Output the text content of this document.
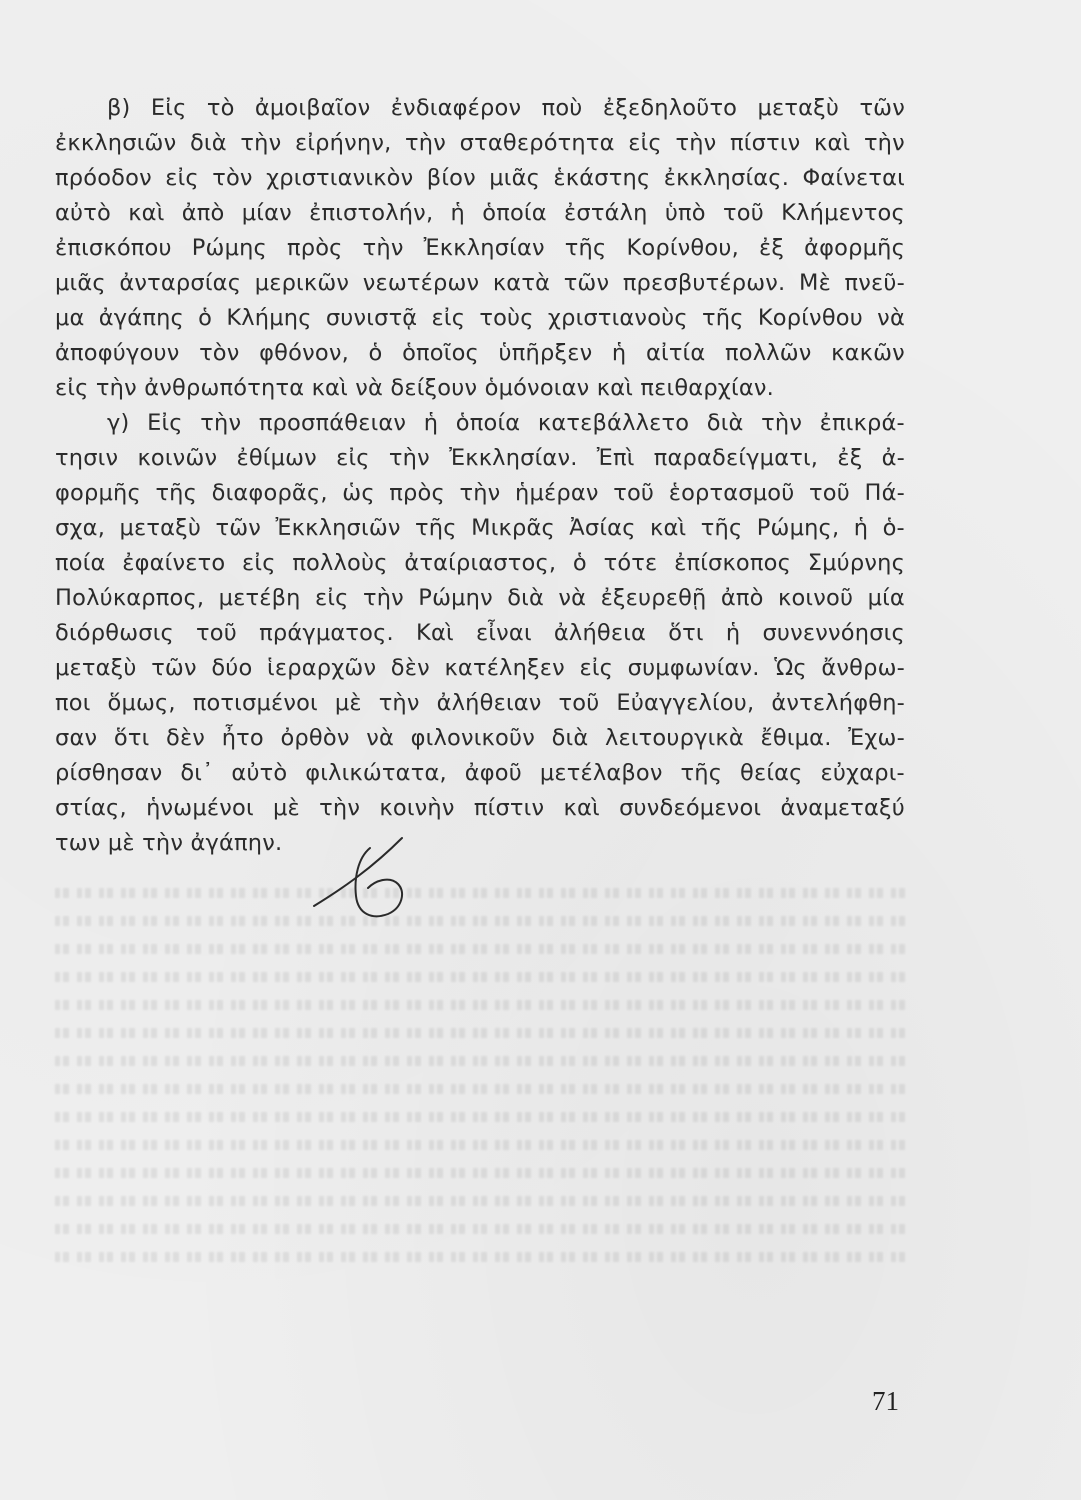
β) Εἰς τὸ ἀμοιβαῖον ἐνδιαφέρον ποὺ ἐξεδηλοῦτο μεταξὺ τῶν
ἐκκλησιῶν διὰ τὴν εἰρήνην, τὴν σταθερότητα εἰς τὴν πίστιν καὶ τὴν
πρόοδον εἰς τὸν χριστιανικὸν βίον μιᾶς ἑκάστης ἐκκλησίας. Φαίνεται
αὐτὸ καὶ ἀπὸ μίαν ἐπιστολήν, ἡ ὁποία ἐστάλη ὑπὸ τοῦ Κλήμεντος
ἐπισκόπου Ρώμης πρὸς τὴν Ἐκκλησίαν τῆς Κορίνθου, ἐξ ἀφορμῆς
μιᾶς ἀνταρσίας μερικῶν νεωτέρων κατὰ τῶν πρεσβυτέρων. Μὲ πνεῦ-
μα ἀγάπης ὁ Κλήμης συνιστᾷ εἰς τοὺς χριστιανοὺς τῆς Κορίνθου νὰ
ἀποφύγουν τὸν φθόνον, ὁ ὁποῖος ὑπῆρξεν ἡ αἰτία πολλῶν κακῶν
εἰς τὴν ἀνθρωπότητα καὶ νὰ δείξουν ὁμόνοιαν καὶ πειθαρχίαν.
γ) Εἰς τὴν προσπάθειαν ἡ ὁποία κατεβάλλετο διὰ τὴν ἐπικρά-
τησιν κοινῶν ἐθίμων εἰς τὴν Ἐκκλησίαν. Ἐπὶ παραδείγματι, ἐξ ἀ-
φορμῆς τῆς διαφορᾶς, ὡς πρὸς τὴν ἡμέραν τοῦ ἑορτασμοῦ τοῦ Πά-
σχα, μεταξὺ τῶν Ἐκκλησιῶν τῆς Μικρᾶς Ἀσίας καὶ τῆς Ρώμης, ἡ ὁ-
ποία ἐφαίνετο εἰς πολλοὺς ἀταίριαστος, ὁ τότε ἐπίσκοπος Σμύρνης
Πολύκαρπος, μετέβη εἰς τὴν Ρώμην διὰ νὰ ἐξευρεθῇ ἀπὸ κοινοῦ μία
διόρθωσις τοῦ πράγματος. Καὶ εἶναι ἀλήθεια ὅτι ἡ συνεννόησις
μεταξὺ τῶν δύο ἱεραρχῶν δὲν κατέληξεν εἰς συμφωνίαν. Ὡς ἄνθρω-
ποι ὅμως, ποτισμένοι μὲ τὴν ἀλήθειαν τοῦ Εὐαγγελίου, ἀντελήφθη-
σαν ὅτι δὲν ἦτο ὀρθὸν νὰ φιλονικοῦν διὰ λειτουργικὰ ἔθιμα. Ἐχω-
ρίσθησαν δι᾽ αὐτὸ φιλικώτατα, ἀφοῦ μετέλαβον τῆς θείας εὐχαρι-
στίας, ἡνωμένοι μὲ τὴν κοινὴν πίστιν καὶ συνδεόμενοι ἀναμεταξύ
των μὲ τὴν ἀγάπην.
71
